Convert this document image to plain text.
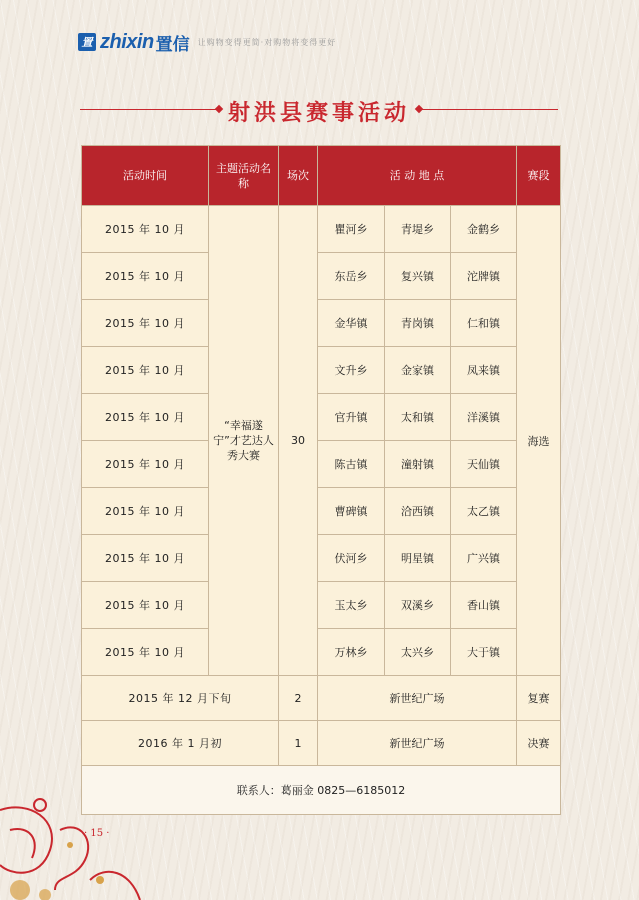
置 zhixin 置信 让购物变得更简·对购物将变得更好
射洪县赛事活动
活动时间	主题活动名称	场次	活 动 地 点			赛段
2015 年 10 月	“幸福遂宁”才艺达人秀大赛	30	瞿河乡	青堤乡	金鹤乡	海选
2015 年 10 月			东岳乡	复兴镇	沱牌镇	
2015 年 10 月			金华镇	青岗镇	仁和镇	
2015 年 10 月			文升乡	金家镇	凤来镇	
2015 年 10 月			官升镇	太和镇	洋溪镇	
2015 年 10 月			陈古镇	潼射镇	天仙镇	
2015 年 10 月			曹碑镇	洽西镇	太乙镇	
2015 年 10 月			伏河乡	明星镇	广兴镇	
2015 年 10 月			玉太乡	双溪乡	香山镇	
2015 年 10 月			万林乡	太兴乡	大于镇	
2015 年 12 月下旬		2	新世纪广场			复赛
2016 年 1 月初		1	新世纪广场			决赛
联系人：葛丽金 0825—6185012						
· 15 ·
